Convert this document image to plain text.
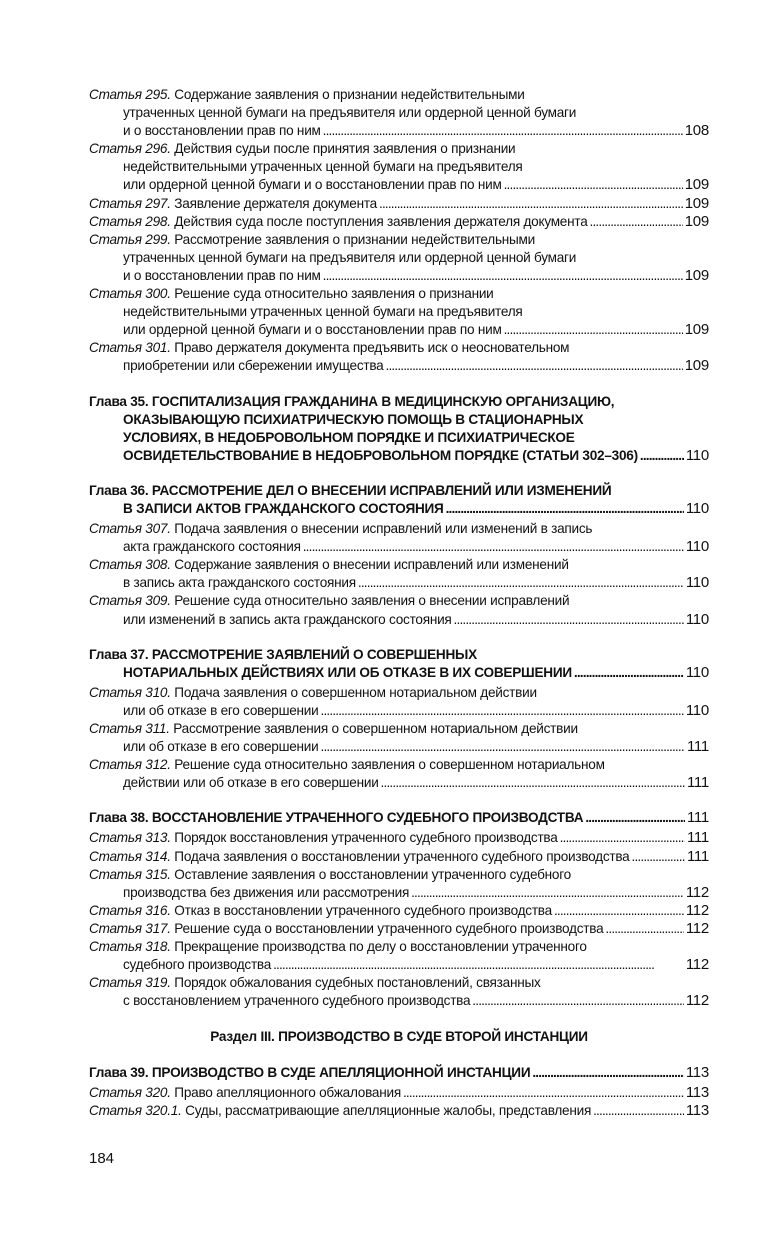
Статья 295. Содержание заявления о признании недействительными
утраченных ценной бумаги на предъявителя или ордерной ценной бумаги
и о восстановлении прав по ним . . .	108
Статья 296. Действия судьи после принятия заявления о признании
недействительными утраченных ценной бумаги на предъявителя
или ордерной ценной бумаги и о восстановлении прав по ним . . .	109
Статья 297. Заявление держателя документа . . .	109
Статья 298. Действия суда после поступления заявления держателя документа . . .	109
Статья 299. Рассмотрение заявления о признании недействительными
утраченных ценной бумаги на предъявителя или ордерной ценной бумаги
и о восстановлении прав по ним . . .	109
Статья 300. Решение суда относительно заявления о признании
недействительными утраченных ценной бумаги на предъявителя
или ордерной ценной бумаги и о восстановлении прав по ним . . .	109
Статья 301. Право держателя документа предъявить иск о неосновательном
приобретении или сбережении имущества . . .	109
Глава 35. ГОСПИТАЛИЗАЦИЯ ГРАЖДАНИНА В МЕДИЦИНСКУЮ ОРГАНИЗАЦИЮ,
ОКАЗЫВАЮЩУЮ ПСИХИАТРИЧЕСКУЮ ПОМОЩЬ В СТАЦИОНАРНЫХ
УСЛОВИЯХ, В НЕДОБРОВОЛЬНОМ ПОРЯДКЕ И ПСИХИАТРИЧЕСКОЕ
ОСВИДЕТЕЛЬСТВОВАНИЕ В НЕДОБРОВОЛЬНОМ ПОРЯДКЕ (СТАТЬИ 302–306) . . .	110
Глава 36. РАССМОТРЕНИЕ ДЕЛ О ВНЕСЕНИИ ИСПРАВЛЕНИЙ ИЛИ ИЗМЕНЕНИЙ
В ЗАПИСИ АКТОВ ГРАЖДАНСКОГО СОСТОЯНИЯ . . .	110
Статья 307. Подача заявления о внесении исправлений или изменений в запись
акта гражданского состояния . . .	110
Статья 308. Содержание заявления о внесении исправлений или изменений
в запись акта гражданского состояния . . .	110
Статья 309. Решение суда относительно заявления о внесении исправлений
или изменений в запись акта гражданского состояния . . .	110
Глава 37. РАССМОТРЕНИЕ ЗАЯВЛЕНИЙ О СОВЕРШЕННЫХ
НОТАРИАЛЬНЫХ ДЕЙСТВИЯХ ИЛИ ОБ ОТКАЗЕ В ИХ СОВЕРШЕНИИ . . .	110
Статья 310. Подача заявления о совершенном нотариальном действии
или об отказе в его совершении . . .	110
Статья 311. Рассмотрение заявления о совершенном нотариальном действии
или об отказе в его совершении . . .	111
Статья 312. Решение суда относительно заявления о совершенном нотариальном
действии или об отказе в его совершении . . .	111
Глава 38. ВОССТАНОВЛЕНИЕ УТРАЧЕННОГО СУДЕБНОГО ПРОИЗВОДСТВА . . .	111
Статья 313. Порядок восстановления утраченного судебного производства . . .	111
Статья 314. Подача заявления о восстановлении утраченного судебного производства . . .	111
Статья 315. Оставление заявления о восстановлении утраченного судебного
производства без движения или рассмотрения . . .	112
Статья 316. Отказ в восстановлении утраченного судебного производства . . .	112
Статья 317. Решение суда о восстановлении утраченного судебного производства . . .	112
Статья 318. Прекращение производства по делу о восстановлении утраченного
судебного производства . . .	112
Статья 319. Порядок обжалования судебных постановлений, связанных
с восстановлением утраченного судебного производства . . .	112
Раздел III. ПРОИЗВОДСТВО В СУДЕ ВТОРОЙ ИНСТАНЦИИ
Глава 39. ПРОИЗВОДСТВО В СУДЕ АПЕЛЛЯЦИОННОЙ ИНСТАНЦИИ . . .	113
Статья 320. Право апелляционного обжалования . . .	113
Статья 320.1. Суды, рассматривающие апелляционные жалобы, представления . . .	113
184
